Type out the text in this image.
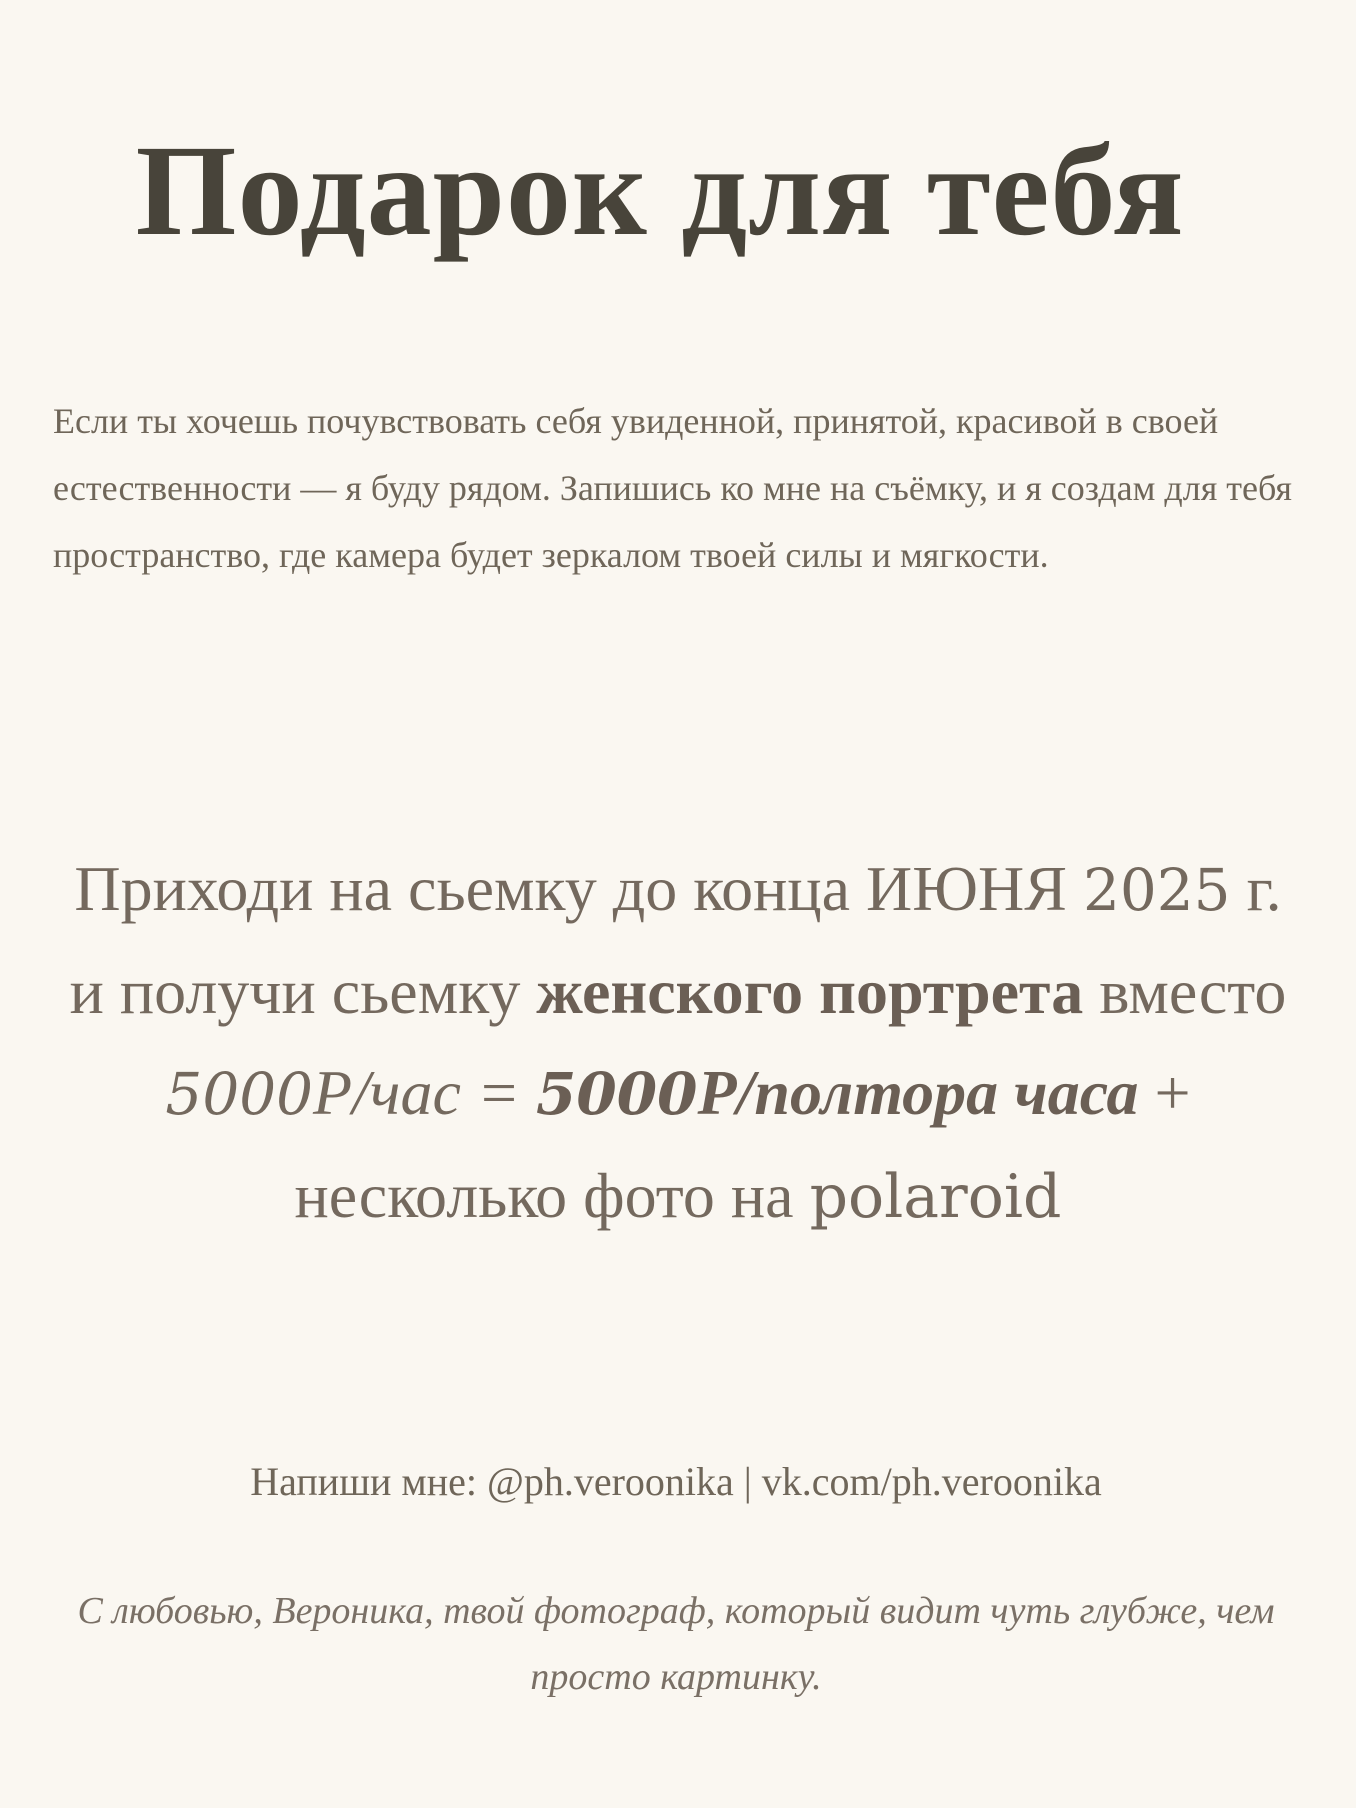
Подарок для тебя

Если ты хочешь почувствовать себя увиденной, принятой, красивой в своей естественности — я буду рядом. Запишись ко мне на съёмку, и я создам для тебя пространство, где камера будет зеркалом твоей силы и мягкости.

Приходи на сьемку до конца ИЮНЯ 2025 г.
и получи сьемку женского портрета вместо
5000Р/час = 5000Р/полтора часа +
несколько фото на polaroid

Напиши мне: @ph.veroonika | vk.com/ph.veroonika

С любовью, Вероника, твой фотограф, который видит чуть глубже, чем просто картинку.
